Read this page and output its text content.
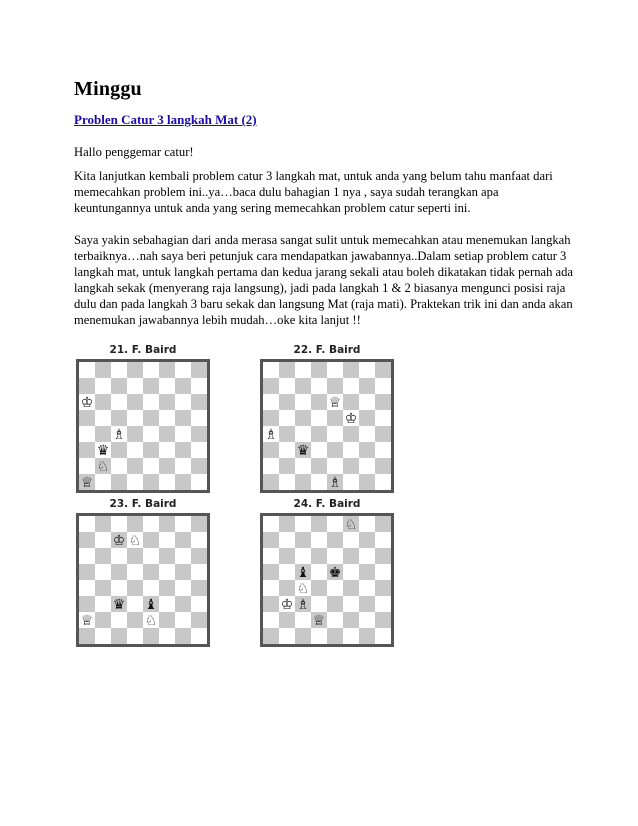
Minggu
Problen Catur 3 langkah Mat (2)

Hallo penggemar catur!

Kita lanjutkan kembali problem catur 3 langkah mat, untuk anda yang belum tahu manfaat dari memecahkan problem ini..ya…baca dulu bahagian 1 nya , saya sudah terangkan apa keuntungannya untuk anda yang sering memecahkan problem catur seperti ini.

Saya yakin sebahagian dari anda merasa sangat sulit untuk memecahkan atau menemukan langkah terbaiknya…nah saya beri petunjuk cara mendapatkan jawabannya..Dalam setiap problem catur 3 langkah mat, untuk langkah pertama dan kedua jarang sekali atau boleh dikatakan tidak pernah ada langkah sekak (menyerang raja langsung), jadi pada langkah 1 & 2 biasanya mengunci posisi raja dulu dan pada langkah 3 baru sekak dan langsung Mat (raja mati). Praktekan trik ini dan anda akan menemukan jawabannya lebih mudah…oke kita lanjut !!

21. F. Baird
♔
♗
♛
♘
♕
22. F. Baird
♕
♔
♗
♛
♗
23. F. Baird
♔ ♘
♛ ♝
♕	♘
24. F. Baird
♘
♝ ♚
♘
♔ ♗
♕
